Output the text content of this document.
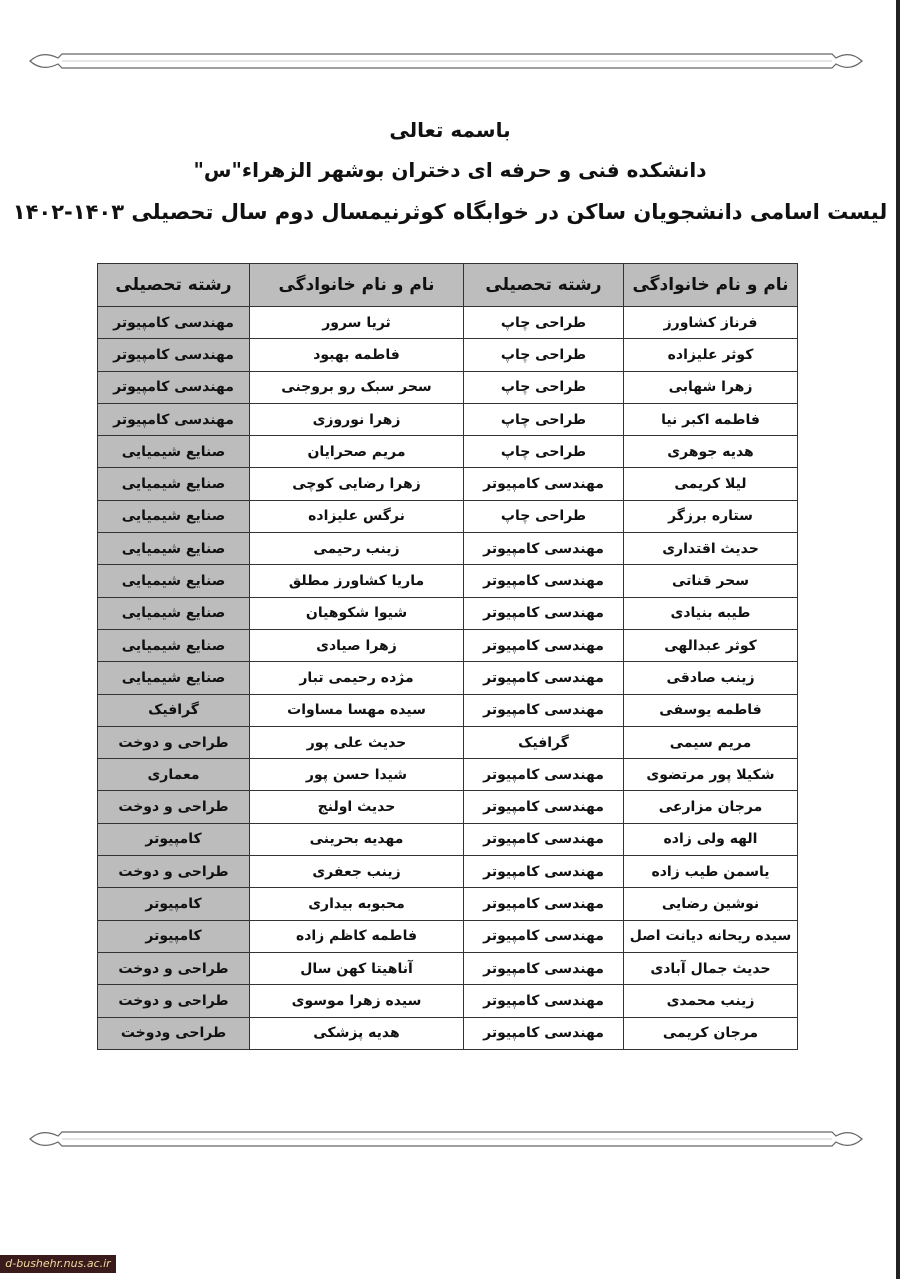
باسمه تعالی
دانشکده فنی و حرفه ای دختران بوشهر الزهراء"س"
لیست اسامی دانشجویان ساکن در خوابگاه کوثرنیمسال دوم سال تحصیلی ۱۴۰۳-۱۴۰۲
نام و نام خانوادگی	رشته تحصیلی	نام و نام خانوادگی	رشته تحصیلی
فرناز کشاورز	طراحی چاپ	ثریا سرور	مهندسی کامپیوتر
کوثر علیزاده	طراحی چاپ	فاطمه بهبود	مهندسی کامپیوتر
زهرا شهابی	طراحی چاپ	سحر سبک رو بروجنی	مهندسی کامپیوتر
فاطمه اکبر نیا	طراحی چاپ	زهرا نوروزی	مهندسی کامپیوتر
هدیه جوهری	طراحی چاپ	مریم صحرایان	صنایع شیمیایی
لیلا کریمی	مهندسی کامپیوتر	زهرا رضایی کوچی	صنایع شیمیایی
ستاره برزگر	طراحی چاپ	نرگس علیزاده	صنایع شیمیایی
حدیث اقتداری	مهندسی کامپیوتر	زینب رحیمی	صنایع شیمیایی
سحر قناتی	مهندسی کامپیوتر	ماریا کشاورز مطلق	صنایع شیمیایی
طیبه بنیادی	مهندسی کامپیوتر	شیوا شکوهیان	صنایع شیمیایی
کوثر عبدالهی	مهندسی کامپیوتر	زهرا صیادی	صنایع شیمیایی
زینب صادقی	مهندسی کامپیوتر	مژده رحیمی تبار	صنایع شیمیایی
فاطمه یوسفی	مهندسی کامپیوتر	سیده مهسا مساوات	گرافیک
مریم سیمی	گرافیک	حدیث علی پور	طراحی و دوخت
شکیلا پور مرتضوی	مهندسی کامپیوتر	شیدا حسن پور	معماری
مرجان مزارعی	مهندسی کامپیوتر	حدیث اولنج	طراحی و دوخت
الهه ولی زاده	مهندسی کامپیوتر	مهدیه بحرینی	کامپیوتر
یاسمن طیب زاده	مهندسی کامپیوتر	زینب جعفری	طراحی و دوخت
نوشین رضایی	مهندسی کامپیوتر	محبوبه بیداری	کامپیوتر
سیده ریحانه دیانت اصل	مهندسی کامپیوتر	فاطمه کاظم زاده	کامپیوتر
حدیث جمال آبادی	مهندسی کامپیوتر	آناهیتا کهن سال	طراحی و دوخت
زینب محمدی	مهندسی کامپیوتر	سیده زهرا موسوی	طراحی و دوخت
مرجان کریمی	مهندسی کامپیوتر	هدیه پزشکی	طراحی ودوخت
d-bushehr.nus.ac.ir
